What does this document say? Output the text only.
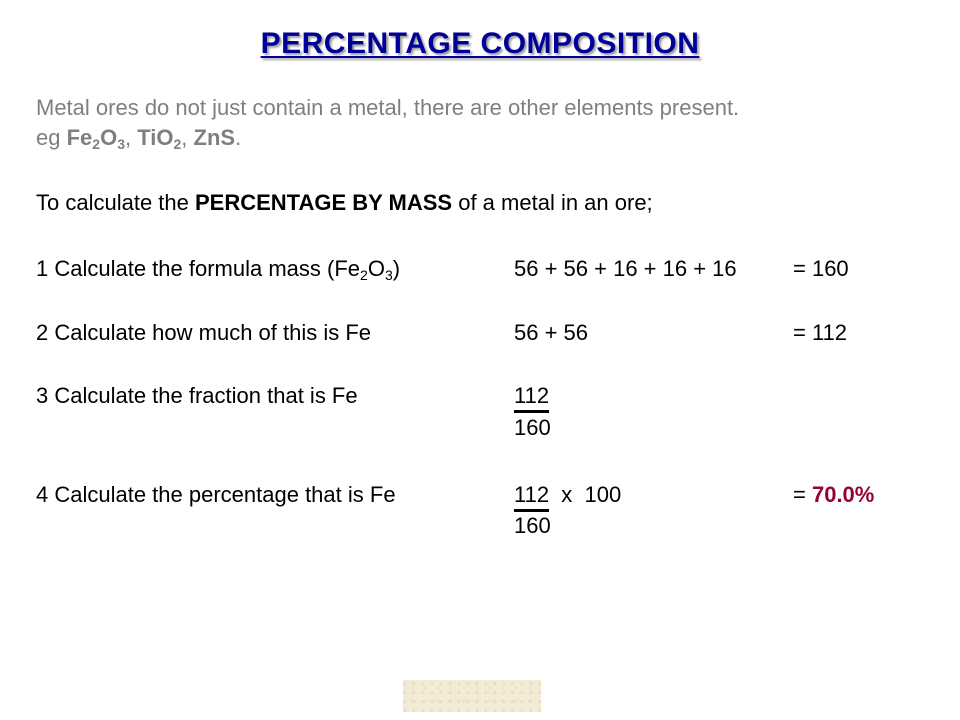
PERCENTAGE COMPOSITION

Metal ores do not just contain a metal, there are other elements present.
eg $Fe_2O_3$, TiO$_2$, ZnS.

To calculate the PERCENTAGE BY MASS of a metal in an ore;

1 Calculate the formula mass $(Fe_2O_3)$	56 + 56 + 16 + 16 + 16	= 160
2 Calculate how much of this is Fe	56 + 56	= 112
3 Calculate the fraction that is Fe	112
160
4 Calculate the percentage that is Fe	112  x  100
160
= 70.0%
